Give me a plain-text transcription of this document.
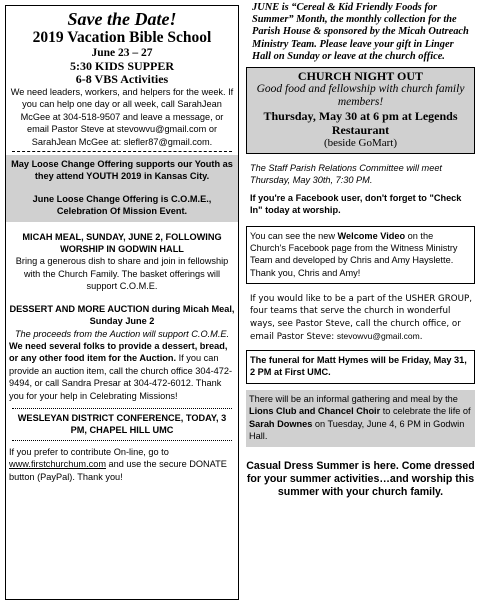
Save the Date!

2019 Vacation Bible School

June 23 – 27

5:30 KIDS SUPPER

6-8 VBS Activities

We need leaders, workers, and helpers for the week. If you can help one day or all week, call SarahJean McGee at 304-518-9507 and leave a message, or email Pastor Steve at stevowvu@gmail.com or SarahJean McGee at: slefler87@gmail.com.

May Loose Change Offering supports our Youth as they attend YOUTH 2019 in Kansas City.

June Loose Change Offering is C.O.M.E., Celebration Of Mission Event.

MICAH MEAL, SUNDAY, JUNE 2, FOLLOWING WORSHIP IN GODWIN HALL

Bring a generous dish to share and join in fellowship with the Church Family. The basket offerings will support C.O.M.E.

DESSERT AND MORE AUCTION during Micah Meal, Sunday June 2

The proceeds from the Auction will support C.O.M.E.

We need several folks to provide a dessert, bread, or any other food item for the Auction. If you can provide an auction item, call the church office 304-472-9494, or call Sandra Presar at 304-472-6012. Thank you for your help in Celebrating Missions!

WESLEYAN DISTRICT CONFERENCE, TODAY, 3 PM, CHAPEL HILL UMC

If you prefer to contribute On-line, go to www.firstchurchum.com and use the secure DONATE button (PayPal). Thank you!

JUNE is “Cereal & Kid Friendly Foods for Summer” Month, the monthly collection for the Parish House & sponsored by the Micah Outreach Ministry Team. Please leave your gift in Linger Hall on Sunday or leave at the church office.

CHURCH NIGHT OUT

Good food and fellowship with church family members!

Thursday, May 30 at 6 pm at Legends Restaurant

(beside GoMart)

The Staff Parish Relations Committee will meet Thursday, May 30th, 7:30 PM.

If you're a Facebook user, don't forget to "Check In" today at worship.

You can see the new Welcome Video on the Church's Facebook page from the Witness Ministry Team and developed by Chris and Amy Hayslette. Thank you, Chris and Amy!

If you would like to be a part of the USHER GROUP, four teams that serve the church in wonderful ways, see Pastor Steve, call the church office, or email Pastor Steve: stevowvu@gmail.com.

The funeral for Matt Hymes will be Friday, May 31, 2 PM at First UMC.
There will be an informal gathering and meal by the Lions Club and Chancel Choir to celebrate the life of Sarah Downes on Tuesday, June 4, 6 PM in Godwin Hall.

Casual Dress Summer is here. Come dressed for your summer activities…and worship this summer with your church family.
